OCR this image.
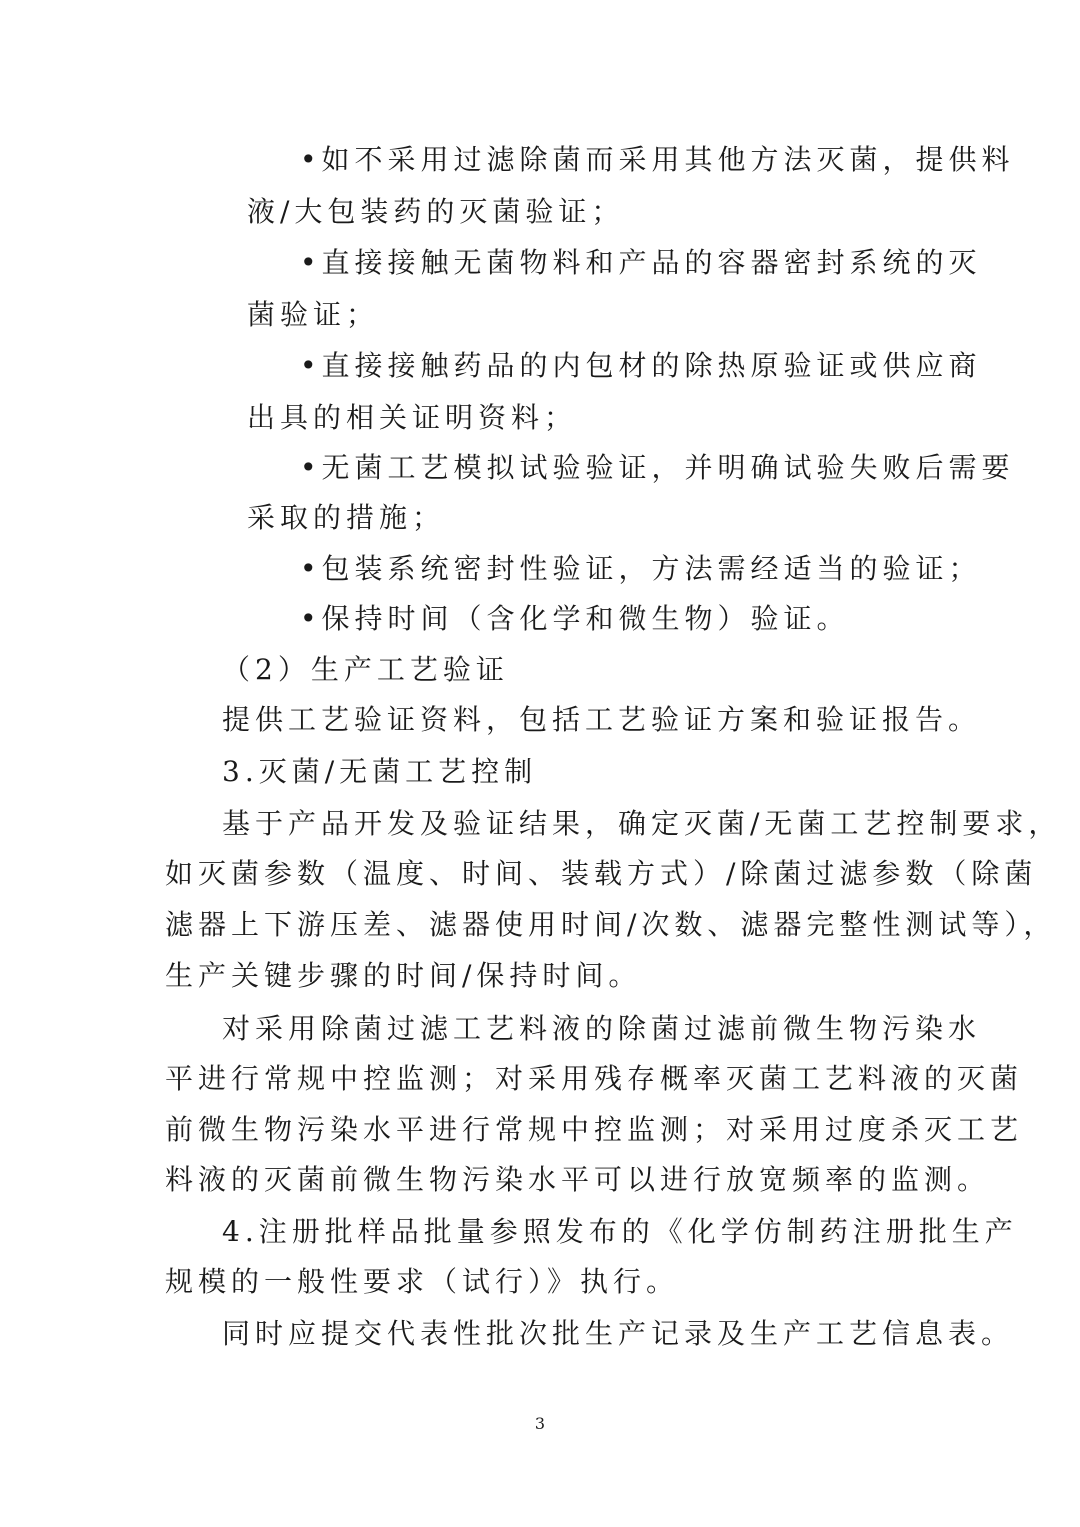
•如不采用过滤除菌而采用其他方法灭菌，提供料
液/大包装药的灭菌验证；
•直接接触无菌物料和产品的容器密封系统的灭
菌验证；
•直接接触药品的内包材的除热原验证或供应商
出具的相关证明资料；
•无菌工艺模拟试验验证，并明确试验失败后需要
采取的措施；
•包装系统密封性验证，方法需经适当的验证；
•保持时间（含化学和微生物）验证。
（2）生产工艺验证
提供工艺验证资料，包括工艺验证方案和验证报告。
3.灭菌/无菌工艺控制
基于产品开发及验证结果，确定灭菌/无菌工艺控制要求，
如灭菌参数（温度、时间、装载方式）/除菌过滤参数（除菌
滤器上下游压差、滤器使用时间/次数、滤器完整性测试等），
生产关键步骤的时间/保持时间。
对采用除菌过滤工艺料液的除菌过滤前微生物污染水
平进行常规中控监测；对采用残存概率灭菌工艺料液的灭菌
前微生物污染水平进行常规中控监测；对采用过度杀灭工艺
料液的灭菌前微生物污染水平可以进行放宽频率的监测。
4.注册批样品批量参照发布的《化学仿制药注册批生产
规模的一般性要求（试行）》执行。
同时应提交代表性批次批生产记录及生产工艺信息表。
3
